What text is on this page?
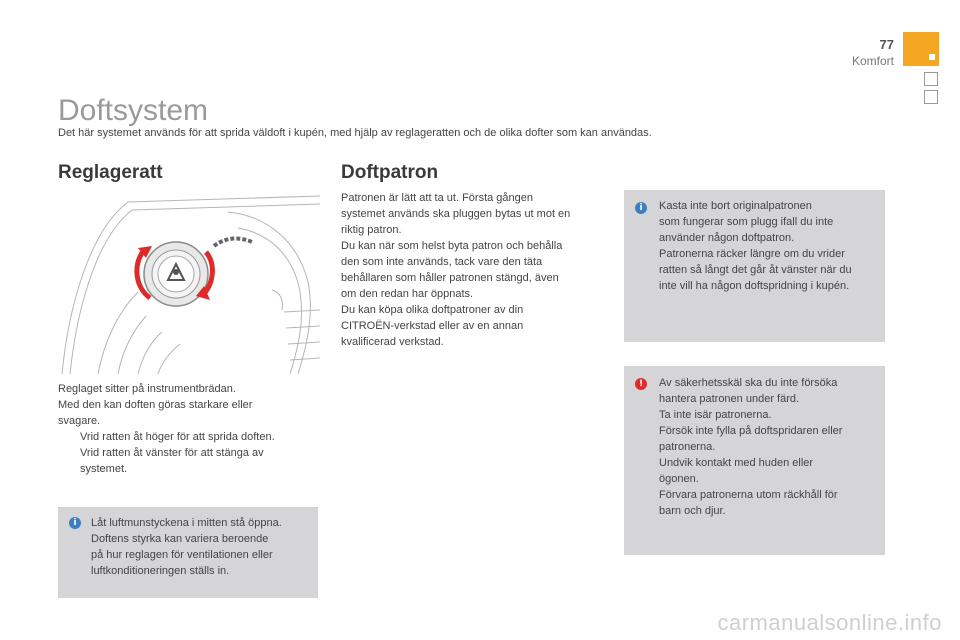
77
Komfort
Doftsystem
Det här systemet används för att sprida väldoft i kupén, med hjälp av reglageratten och de olika dofter som kan användas.
Reglageratt
Reglaget sitter på instrumentbrädan.
Med den kan doften göras starkare eller
svagare.
Vrid ratten åt höger för att sprida doften.
Vrid ratten åt vänster för att stänga av systemet.
i	Låt luftmunstyckena i mitten stå öppna.
Doftens styrka kan variera beroende
på hur reglagen för ventilationen eller
luftkonditioneringen ställs in.
Doftpatron
Patronen är lätt att ta ut. Första gången
systemet används ska pluggen bytas ut mot en
riktig patron.
Du kan när som helst byta patron och behålla
den som inte används, tack vare den täta
behållaren som håller patronen stängd, även
om den redan har öppnats.
Du kan köpa olika doftpatroner av din
CITROËN-verkstad eller av en annan
kvalificerad verkstad.
i	Kasta inte bort originalpatronen
som fungerar som plugg ifall du inte
använder någon doftpatron.
Patronerna räcker längre om du vrider
ratten så långt det går åt vänster när du
inte vill ha någon doftspridning i kupén.
!	Av säkerhetsskäl ska du inte försöka
hantera patronen under färd.
Ta inte isär patronerna.
Försök inte fylla på doftspridaren eller
patronerna.
Undvik kontakt med huden eller
ögonen.
Förvara patronerna utom räckhåll för
barn och djur.
carmanualsonline.info
